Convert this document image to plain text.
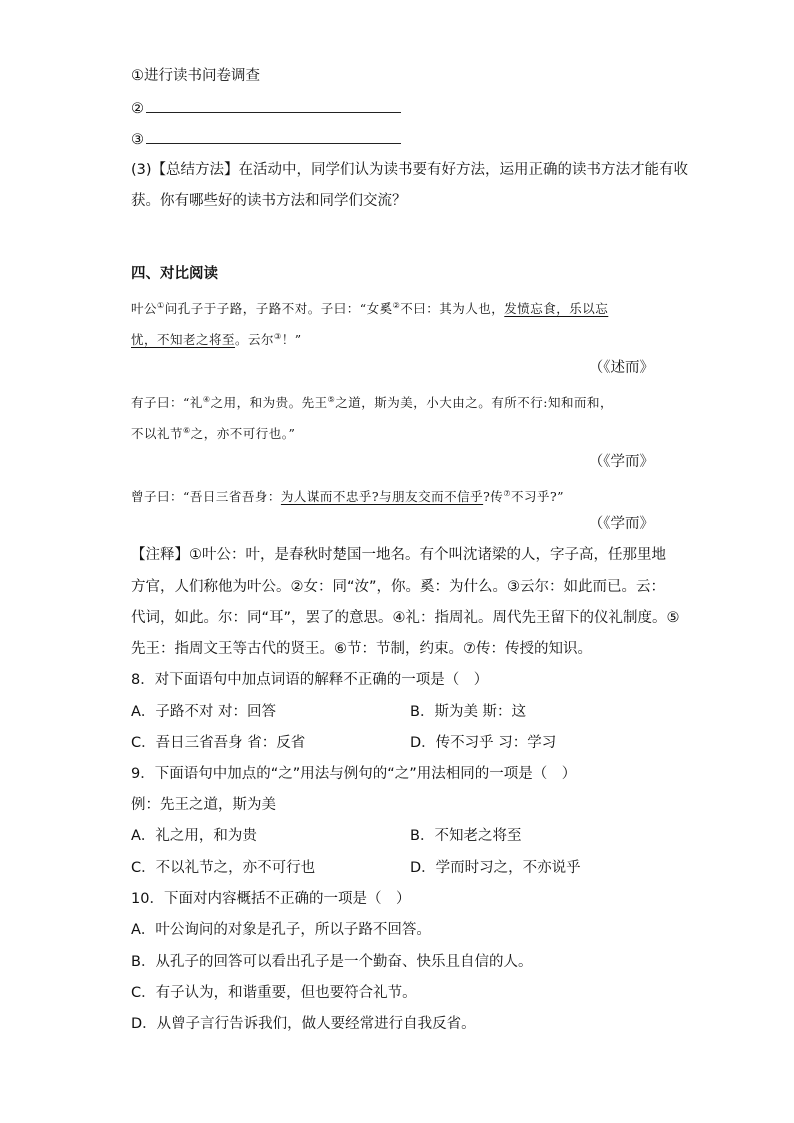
①进行读书问卷调查
②
③
(3)【总结方法】在活动中，同学们认为读书要有好方法，运用正确的读书方法才能有收
获。你有哪些好的读书方法和同学们交流？
四、对比阅读
叶公①问孔子于子路，子路不对。子曰：“女奚②不曰：其为人也，发愤忘食，乐以忘
忧，不知老之将至。云尔③！”
（《述而》
有子曰：“礼④之用，和为贵。先王⑤之道，斯为美，小大由之。有所不行:知和而和，
不以礼节⑥之，亦不可行也。”
（《学而》
曾子曰：“吾日三省吾身：为人谋而不忠乎?与朋友交而不信乎?传⑦不习乎?”
（《学而》
【注释】①叶公：叶，是春秋时楚国一地名。有个叫沈诸梁的人，字子高，任那里地
方官，人们称他为叶公。②女：同“汝”，你。奚：为什么。③云尔：如此而已。云：
代词，如此。尔：同“耳”，罢了的意思。④礼：指周礼。周代先王留下的仪礼制度。⑤
先王：指周文王等古代的贤王。⑥节：节制，约束。⑦传：传授的知识。
8．对下面语句中加点词语的解释不正确的一项是（　）
A．子路不对 对：回答	B．斯为美 斯：这
C．吾日三省吾身 省：反省	D．传不习乎 习：学习
9．下面语句中加点的“之”用法与例句的“之”用法相同的一项是（　）
例：先王之道，斯为美
A．礼之用，和为贵	B．不知老之将至
C．不以礼节之，亦不可行也	D．学而时习之，不亦说乎
10．下面对内容概括不正确的一项是（　）
A．叶公询问的对象是孔子，所以子路不回答。
B．从孔子的回答可以看出孔子是一个勤奋、快乐且自信的人。
C．有子认为，和谐重要，但也要符合礼节。
D．从曾子言行告诉我们，做人要经常进行自我反省。
